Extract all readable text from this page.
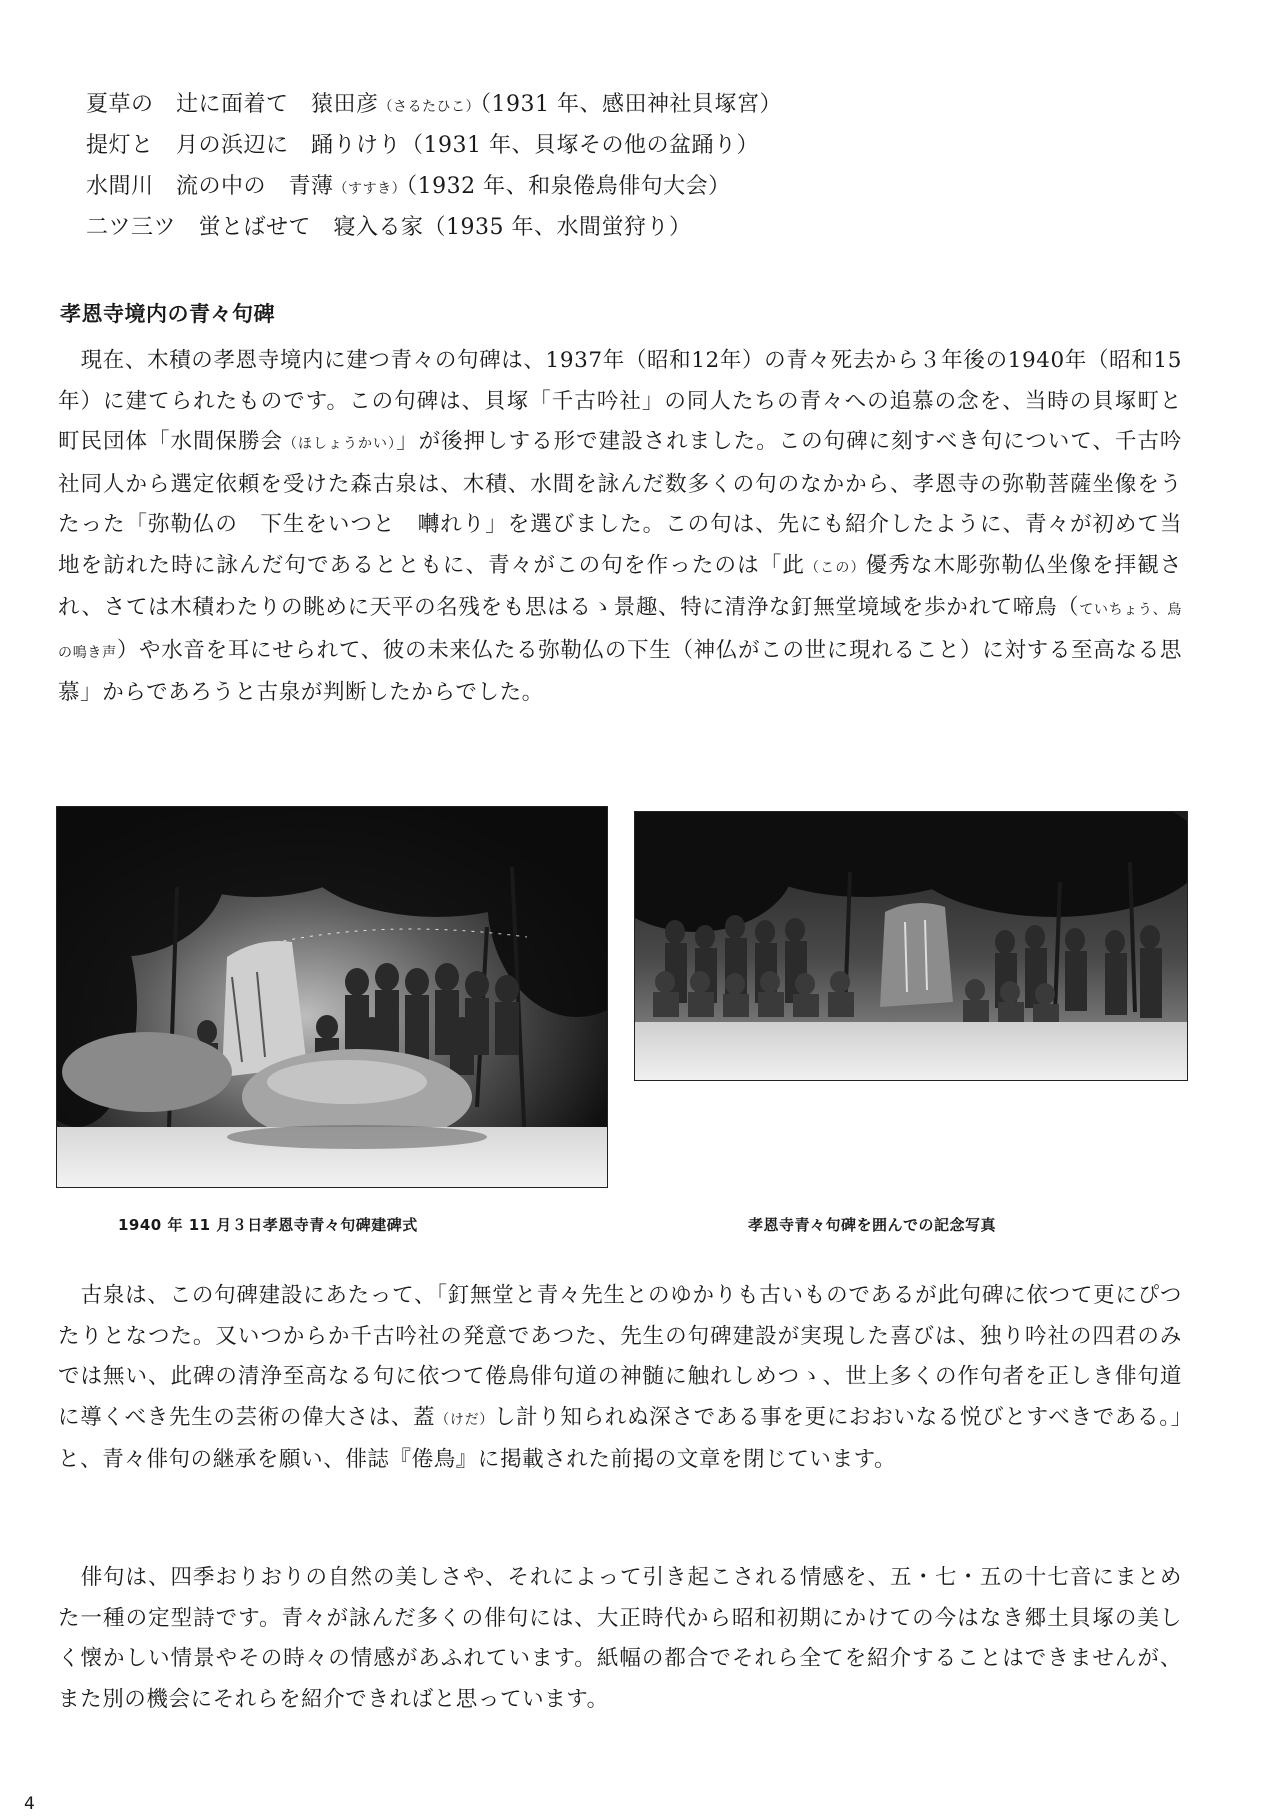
夏草の　辻に面着て　猿田彦（さるたひこ）（1931 年、感田神社貝塚宮）
提灯と　月の浜辺に　踊りけり（1931 年、貝塚その他の盆踊り）
水間川　流の中の　青薄（すすき）（1932 年、和泉倦鳥俳句大会）
二ツ三ツ　蛍とばせて　寝入る家（1935 年、水間蛍狩り）
孝恩寺境内の青々句碑

現在、木積の孝恩寺境内に建つ青々の句碑は、1937年（昭和12年）の青々死去から３年後の1940年（昭和15年）に建てられたものです。この句碑は、貝塚「千古吟社」の同人たちの青々への追慕の念を、当時の貝塚町と町民団体「水間保勝会（ほしょうかい）」が後押しする形で建設されました。この句碑に刻すべき句について、千古吟社同人から選定依頼を受けた森古泉は、木積、水間を詠んだ数多くの句のなかから、孝恩寺の弥勒菩薩坐像をうたった「弥勒仏の　下生をいつと　囀れり」を選びました。この句は、先にも紹介したように、青々が初めて当地を訪れた時に詠んだ句であるとともに、青々がこの句を作ったのは「此（この）優秀な木彫弥勒仏坐像を拝観され、さては木積わたりの眺めに天平の名残をも思はるゝ景趣、特に清浄な釘無堂境域を歩かれて啼鳥（ていちょう、鳥の鳴き声）や水音を耳にせられて、彼の未来仏たる弥勒仏の下生（神仏がこの世に現れること）に対する至高なる思慕」からであろうと古泉が判断したからでした。

1940 年 11 月３日孝恩寺青々句碑建碑式	孝恩寺青々句碑を囲んでの記念写真

古泉は、この句碑建設にあたって、「釘無堂と青々先生とのゆかりも古いものであるが此句碑に依つて更にぴつたりとなつた。又いつからか千古吟社の発意であつた、先生の句碑建設が実現した喜びは、独り吟社の四君のみでは無い、此碑の清浄至高なる句に依つて倦鳥俳句道の神髄に触れしめつゝ、世上多くの作句者を正しき俳句道に導くべき先生の芸術の偉大さは、蓋（けだ）し計り知られぬ深さである事を更におおいなる悦びとすべきである。」と、青々俳句の継承を願い、俳誌『倦鳥』に掲載された前掲の文章を閉じています。

俳句は、四季おりおりの自然の美しさや、それによって引き起こされる情感を、五・七・五の十七音にまとめた一種の定型詩です。青々が詠んだ多くの俳句には、大正時代から昭和初期にかけての今はなき郷土貝塚の美しく懐かしい情景やその時々の情感があふれています。紙幅の都合でそれら全てを紹介することはできませんが、また別の機会にそれらを紹介できればと思っています。

4
